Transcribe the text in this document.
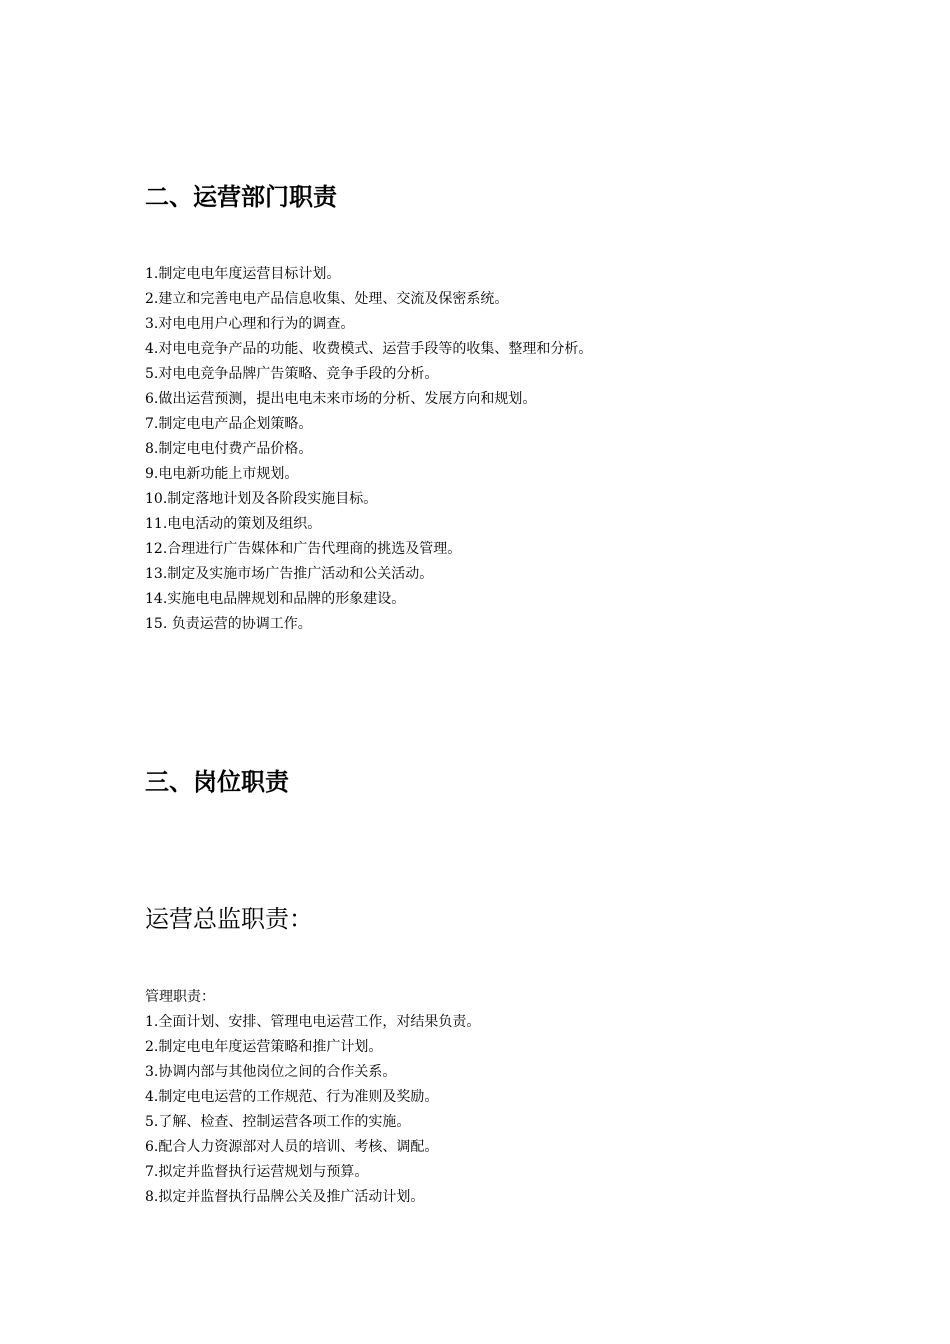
二、运营部门职责
1.制定电电年度运营目标计划。
2.建立和完善电电产品信息收集、处理、交流及保密系统。
3.对电电用户心理和行为的调查。
4.对电电竞争产品的功能、收费模式、运营手段等的收集、整理和分析。
5.对电电竞争品牌广告策略、竞争手段的分析。
6.做出运营预测，提出电电未来市场的分析、发展方向和规划。
7.制定电电产品企划策略。
8.制定电电付费产品价格。
9.电电新功能上市规划。
10.制定落地计划及各阶段实施目标。
11.电电活动的策划及组织。
12.合理进行广告媒体和广告代理商的挑选及管理。
13.制定及实施市场广告推广活动和公关活动。
14.实施电电品牌规划和品牌的形象建设。
15. 负责运营的协调工作。
三、岗位职责
运营总监职责：

管理职责：

1.全面计划、安排、管理电电运营工作，对结果负责。
2.制定电电年度运营策略和推广计划。
3.协调内部与其他岗位之间的合作关系。
4.制定电电运营的工作规范、行为准则及奖励。
5.了解、检查、控制运营各项工作的实施。
6.配合人力资源部对人员的培训、考核、调配。
7.拟定并监督执行运营规划与预算。
8.拟定并监督执行品牌公关及推广活动计划。
